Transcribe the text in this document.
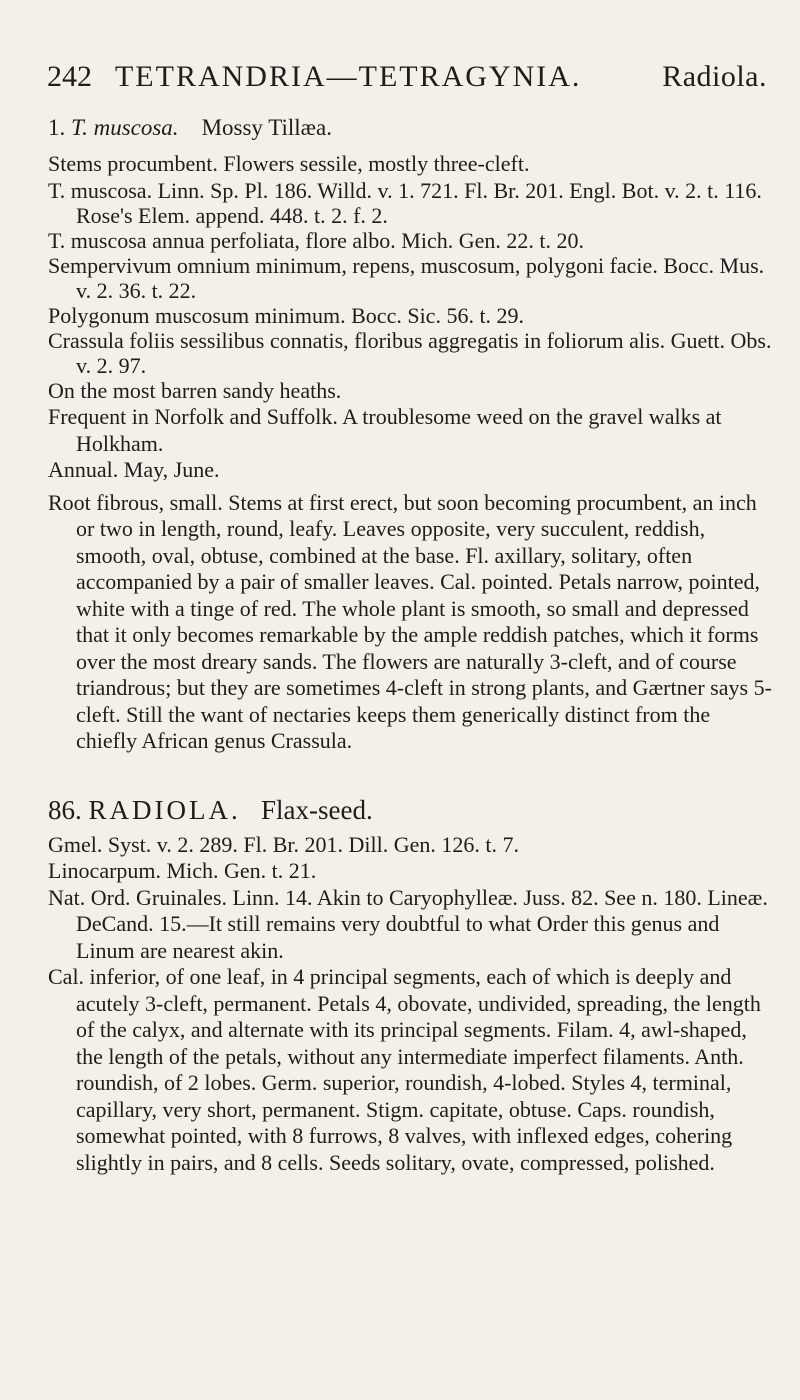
242 TETRANDRIA—TETRAGYNIA.	Radiola.
1. T. muscosa. Mossy Tillæa.

Stems procumbent. Flowers sessile, mostly three-cleft.

T. muscosa. Linn. Sp. Pl. 186. Willd. v. 1. 721. Fl. Br. 201. Engl. Bot. v. 2. t. 116. Rose's Elem. append. 448. t. 2. f. 2.

T. muscosa annua perfoliata, flore albo. Mich. Gen. 22. t. 20.

Sempervivum omnium minimum, repens, muscosum, polygoni facie. Bocc. Mus. v. 2. 36. t. 22.

Polygonum muscosum minimum. Bocc. Sic. 56. t. 29.

Crassula foliis sessilibus connatis, floribus aggregatis in foliorum alis. Guett. Obs. v. 2. 97.

On the most barren sandy heaths.

Frequent in Norfolk and Suffolk. A troublesome weed on the gravel walks at Holkham.

Annual. May, June.

Root fibrous, small. Stems at first erect, but soon becoming procumbent, an inch or two in length, round, leafy. Leaves opposite, very succulent, reddish, smooth, oval, obtuse, combined at the base. Fl. axillary, solitary, often accompanied by a pair of smaller leaves. Cal. pointed. Petals narrow, pointed, white with a tinge of red. The whole plant is smooth, so small and depressed that it only becomes remarkable by the ample reddish patches, which it forms over the most dreary sands. The flowers are naturally 3-cleft, and of course triandrous; but they are sometimes 4-cleft in strong plants, and Gærtner says 5-cleft. Still the want of nectaries keeps them generically distinct from the chiefly African genus Crassula.

86. RADIOLA. Flax-seed.

Gmel. Syst. v. 2. 289. Fl. Br. 201. Dill. Gen. 126. t. 7.

Linocarpum. Mich. Gen. t. 21.

Nat. Ord. Gruinales. Linn. 14. Akin to Caryophylleæ. Juss. 82. See n. 180. Lineæ. DeCand. 15.—It still remains very doubtful to what Order this genus and Linum are nearest akin.

Cal. inferior, of one leaf, in 4 principal segments, each of which is deeply and acutely 3-cleft, permanent. Petals 4, obovate, undivided, spreading, the length of the calyx, and alternate with its principal segments. Filam. 4, awl-shaped, the length of the petals, without any intermediate imperfect filaments. Anth. roundish, of 2 lobes. Germ. superior, roundish, 4-lobed. Styles 4, terminal, capillary, very short, permanent. Stigm. capitate, obtuse. Caps. roundish, somewhat pointed, with 8 furrows, 8 valves, with inflexed edges, cohering slightly in pairs, and 8 cells. Seeds solitary, ovate, compressed, polished.
